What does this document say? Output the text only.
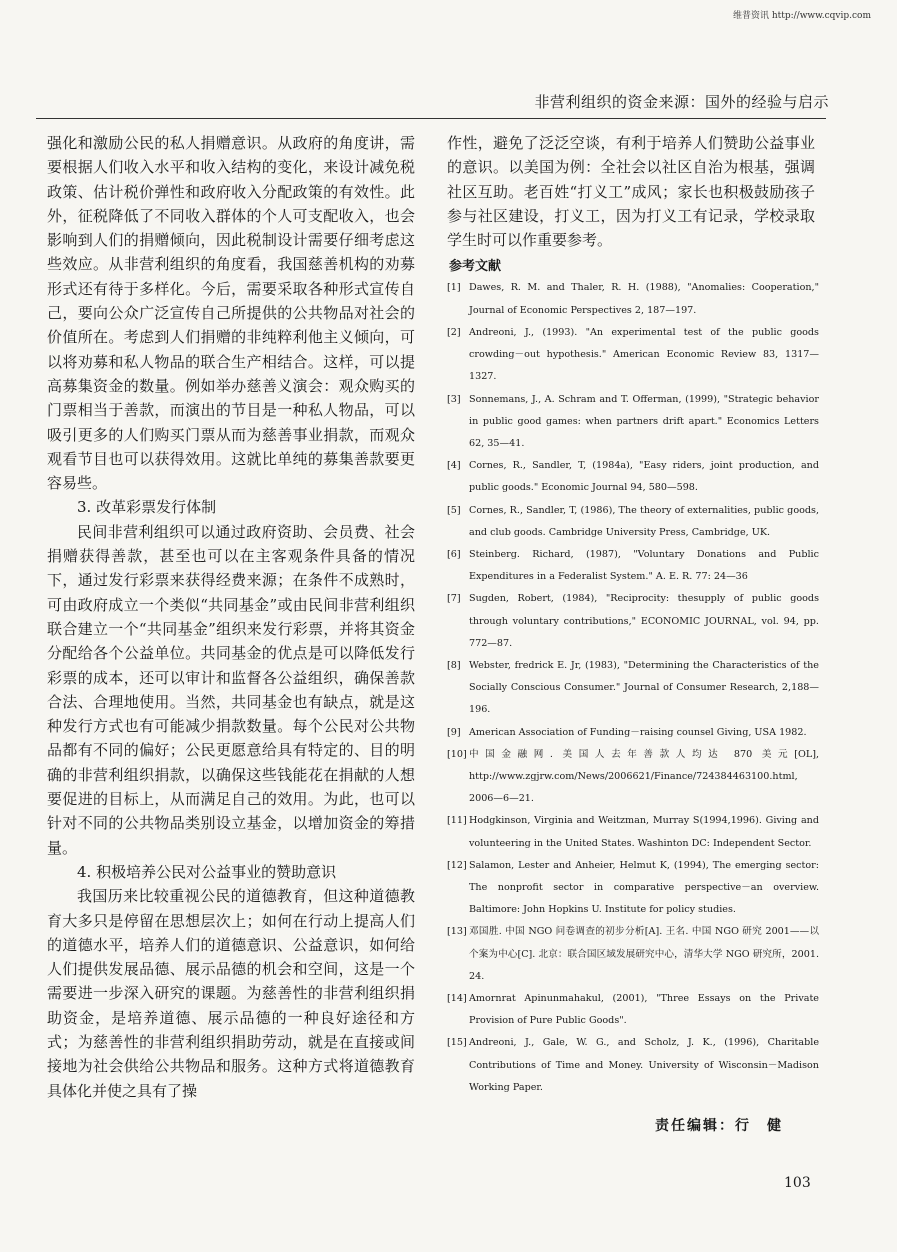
维普资讯 http://www.cqvip.com
非营利组织的资金来源：国外的经验与启示

强化和激励公民的私人捐赠意识。从政府的角度讲，需要根据人们收入水平和收入结构的变化，来设计减免税政策、估计税价弹性和政府收入分配政策的有效性。此外，征税降低了不同收入群体的个人可支配收入，也会影响到人们的捐赠倾向，因此税制设计需要仔细考虑这些效应。从非营利组织的角度看，我国慈善机构的劝募形式还有待于多样化。今后，需要采取各种形式宣传自己，要向公众广泛宣传自己所提供的公共物品对社会的价值所在。考虑到人们捐赠的非纯粹利他主义倾向，可以将劝募和私人物品的联合生产相结合。这样，可以提高募集资金的数量。例如举办慈善义演会：观众购买的门票相当于善款，而演出的节目是一种私人物品，可以吸引更多的人们购买门票从而为慈善事业捐款，而观众观看节目也可以获得效用。这就比单纯的募集善款要更容易些。

3. 改革彩票发行体制

民间非营利组织可以通过政府资助、会员费、社会捐赠获得善款，甚至也可以在主客观条件具备的情况下，通过发行彩票来获得经费来源；在条件不成熟时，可由政府成立一个类似“共同基金”或由民间非营利组织联合建立一个“共同基金”组织来发行彩票，并将其资金分配给各个公益单位。共同基金的优点是可以降低发行彩票的成本，还可以审计和监督各公益组织，确保善款合法、合理地使用。当然，共同基金也有缺点，就是这种发行方式也有可能减少捐款数量。每个公民对公共物品都有不同的偏好；公民更愿意给具有特定的、目的明确的非营利组织捐款，以确保这些钱能花在捐献的人想要促进的目标上，从而满足自己的效用。为此，也可以针对不同的公共物品类别设立基金，以增加资金的筹措量。

4. 积极培养公民对公益事业的赞助意识

我国历来比较重视公民的道德教育，但这种道德教育大多只是停留在思想层次上；如何在行动上提高人们的道德水平，培养人们的道德意识、公益意识，如何给人们提供发展品德、展示品德的机会和空间，这是一个需要进一步深入研究的课题。为慈善性的非营利组织捐助资金，是培养道德、展示品德的一种良好途径和方式；为慈善性的非营利组织捐助劳动，就是在直接或间接地为社会供给公共物品和服务。这种方式将道德教育具体化并使之具有了操

作性，避免了泛泛空谈，有利于培养人们赞助公益事业的意识。以美国为例：全社会以社区自治为根基，强调社区互助。老百姓“打义工”成风；家长也积极鼓励孩子参与社区建设，打义工，因为打义工有记录，学校录取学生时可以作重要参考。

参考文献
[1] Dawes, R. M. and Thaler, R. H. (1988), "Anomalies: Cooperation," Journal of Economic Perspectives 2, 187—197.
[2] Andreoni, J., (1993). "An experimental test of the public goods crowding－out hypothesis." American Economic Review 83, 1317—1327.
[3] Sonnemans, J., A. Schram and T. Offerman, (1999), "Strategic behavior in public good games: when partners drift apart." Economics Letters 62, 35—41.
[4] Cornes, R., Sandler, T, (1984a), "Easy riders, joint production, and public goods." Economic Journal 94, 580—598.
[5] Cornes, R., Sandler, T, (1986), The theory of externalities, public goods, and club goods. Cambridge University Press, Cambridge, UK.
[6] Steinberg. Richard, (1987), "Voluntary Donations and Public Expenditures in a Federalist System." A. E. R. 77: 24—36
[7] Sugden, Robert, (1984), "Reciprocity: thesupply of public goods through voluntary contributions," ECONOMIC JOURNAL, vol. 94, pp. 772—87.
[8] Webster, fredrick E. Jr, (1983), "Determining the Characteristics of the Socially Conscious Consumer." Journal of Consumer Research, 2,188—196.
[9] American Association of Funding－raising counsel Giving, USA 1982.
[10] 中国金融网. 美国人去年善款人均达 870 美元[OL], http://www.zgjrw.com/News/2006621/Finance/724384463100.html, 2006—6—21.
[11] Hodgkinson, Virginia and Weitzman, Murray S(1994,1996). Giving and volunteering in the United States. Washinton DC: Independent Sector.
[12] Salamon, Lester and Anheier, Helmut K, (1994), The emerging sector: The nonprofit sector in comparative perspective－an overview. Baltimore: John Hopkins U. Institute for policy studies.
[13] 邓国胜. 中国 NGO 问卷调查的初步分析[A]. 王名. 中国 NGO 研究 2001——以个案为中心[C]. 北京：联合国区域发展研究中心，清华大学 NGO 研究所，2001. 24.
[14] Amornrat Apinunmahakul, (2001), "Three Essays on the Private Provision of Pure Public Goods".
[15] Andreoni, J., Gale, W. G., and Scholz, J. K., (1996), Charitable Contributions of Time and Money. University of Wisconsin－Madison Working Paper.
责任编辑：行　健
103
